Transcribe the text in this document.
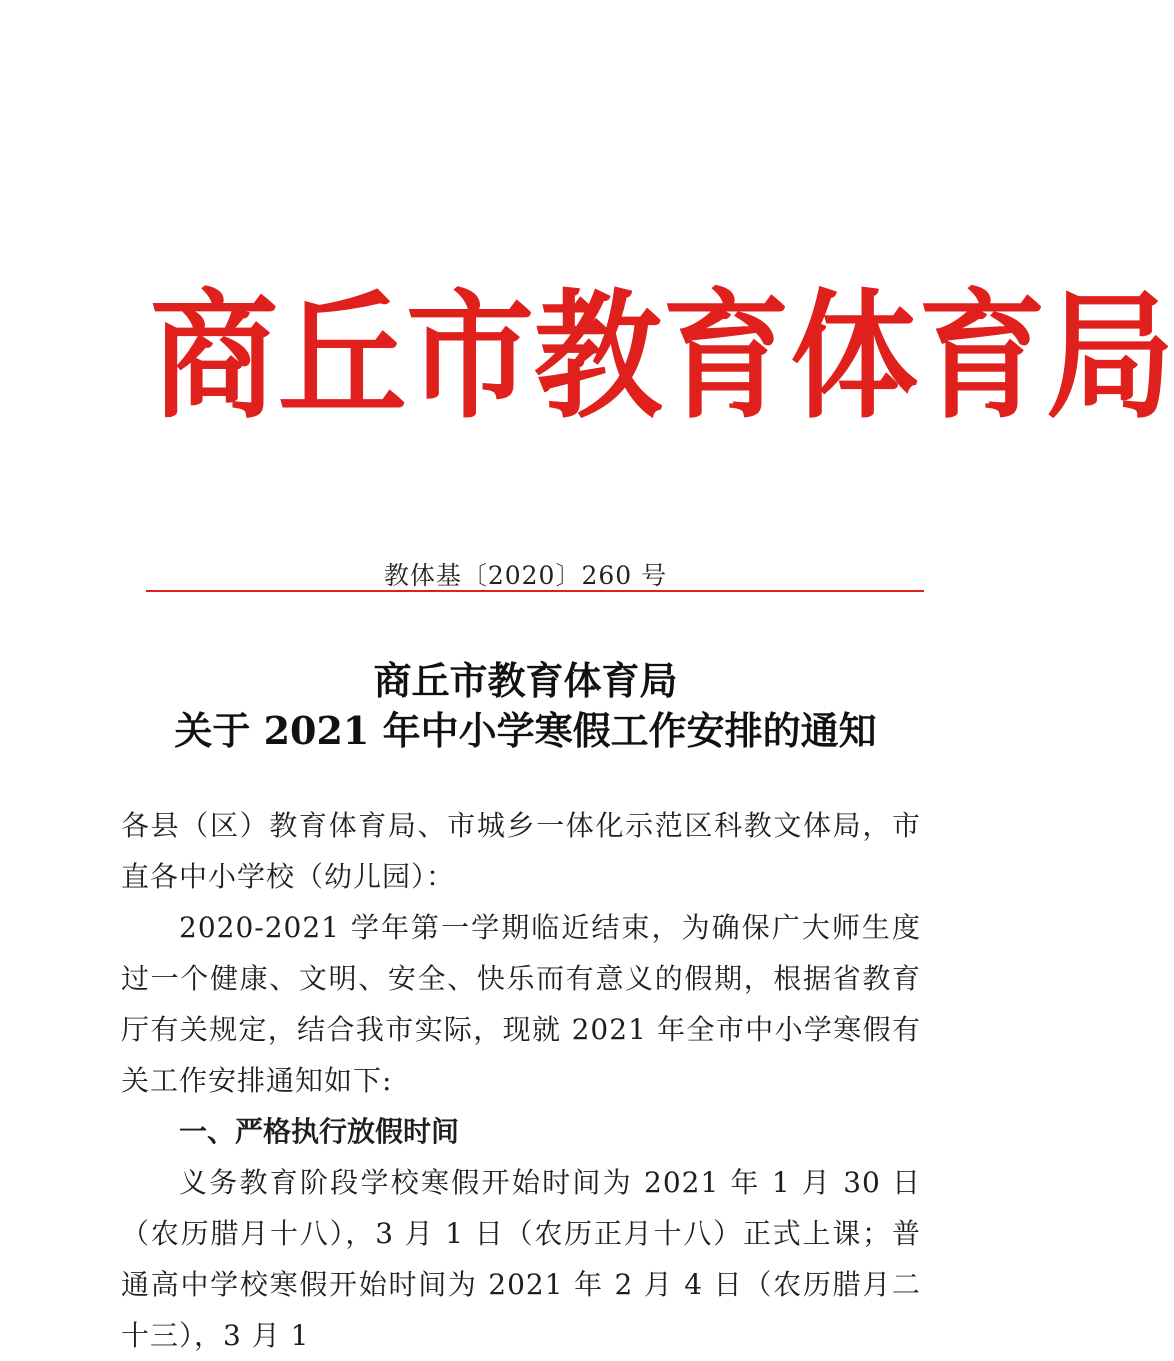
商 丘 市 教 育 体 育 局
教体基〔2020〕260 号
商丘市教育体育局
关于 2021 年中小学寒假工作安排的通知

各县（区）教育体育局、市城乡一体化示范区科教文体局，市直各中小学校（幼儿园）：

2020-2021 学年第一学期临近结束，为确保广大师生度过一个健康、文明、安全、快乐而有意义的假期，根据省教育厅有关规定，结合我市实际，现就 2021 年全市中小学寒假有关工作安排通知如下:

一、严格执行放假时间

义务教育阶段学校寒假开始时间为 2021 年 1 月 30 日（农历腊月十八），3 月 1 日（农历正月十八）正式上课；普通高中学校寒假开始时间为 2021 年 2 月 4 日（农历腊月二十三），3 月 1
